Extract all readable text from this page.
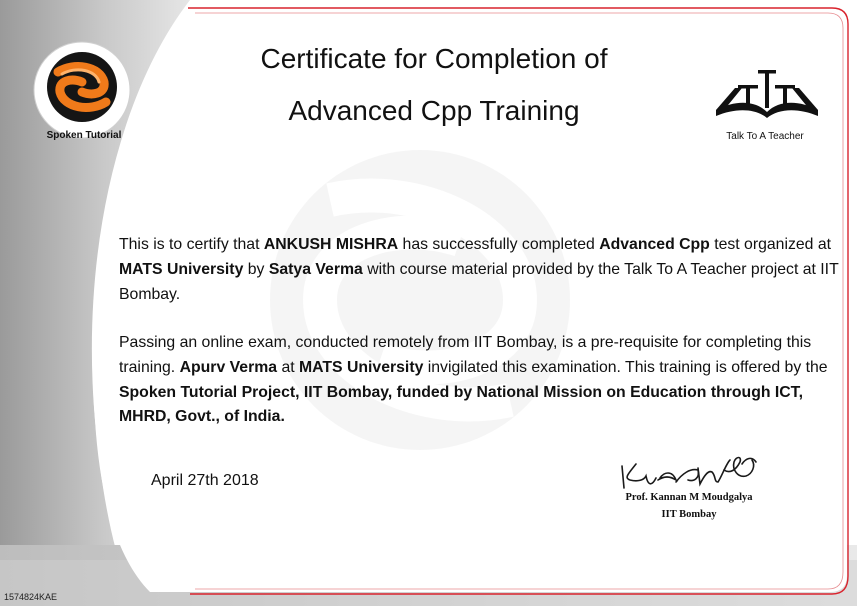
Spoken Tutorial	Talk To A Teacher
Certificate for Completion of
Advanced Cpp Training
This is to certify that ANKUSH MISHRA has successfully completed Advanced Cpp test organized at MATS University by Satya Verma with course material provided by the Talk To A Teacher project at IIT Bombay.
Passing an online exam, conducted remotely from IIT Bombay, is a pre-requisite for completing this training. Apurv Verma at MATS University invigilated this examination. This training is offered by the Spoken Tutorial Project, IIT Bombay, funded by National Mission on Education through ICT, MHRD, Govt., of India.
April 27th 2018
Prof. Kannan M Moudgalya
IIT Bombay
1574824KAE
